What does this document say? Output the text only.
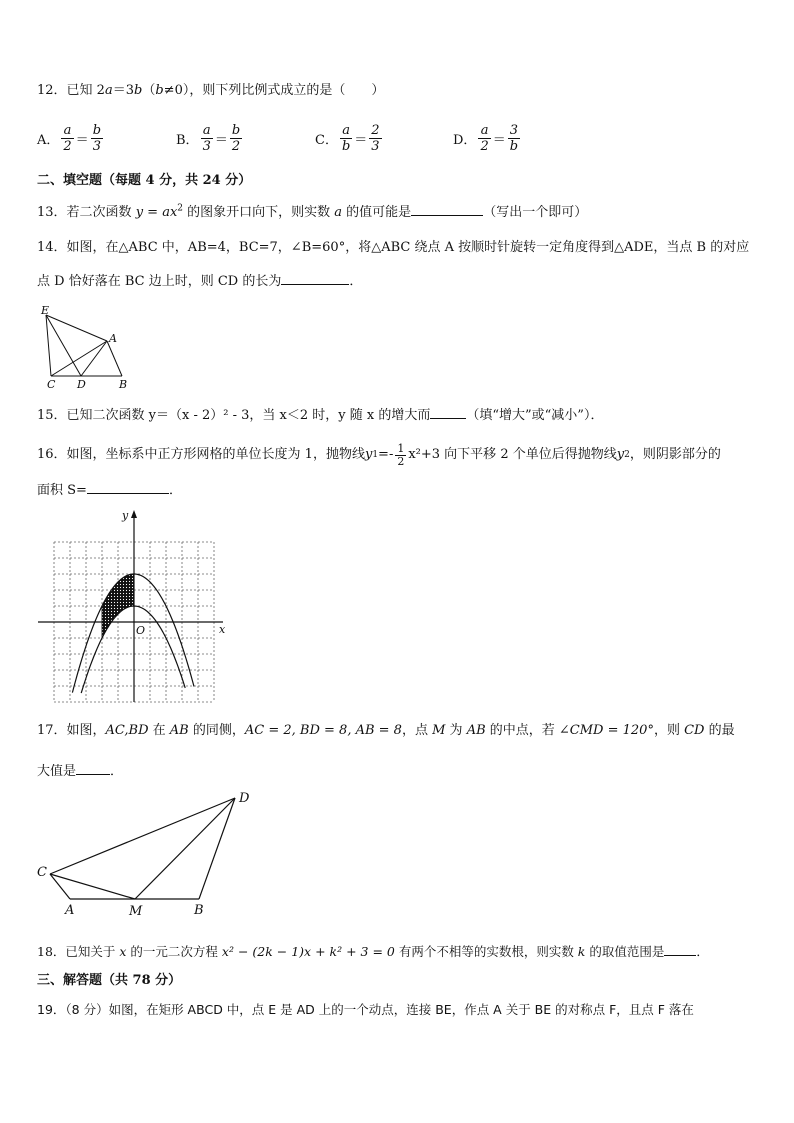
12．已知 2a＝3b（b≠0），则下列比例式成立的是（　　）
A． $\frac{a}{2} = \frac{b}{3}$	B． $\frac{a}{3} = \frac{b}{2}$	C． $\frac{a}{b} = \frac{2}{3}$	D． $\frac{a}{2} = \frac{3}{b}$
二、填空题（每题 4 分，共 24 分）
13．若二次函数 $y = ax^2$ 的图象开口向下，则实数 a 的值可能是	（写出一个即可）
14．如图，在△ABC 中，AB=4，BC=7，∠B=60°，将△ABC 绕点 A 按顺时针旋转一定角度得到△ADE，当点 B 的对应
点 D 恰好落在 BC 边上时，则 CD 的长为	．
E
A
C D	B
15．已知二次函数 y＝（x - 2）² - 3，当 x＜2 时，y 随 x 的增大而	（填“增大”或“减小”）．
16．如图，坐标系中正方形网格的单位长度为 1，抛物线 y $1 =- \frac{1}{2} x^2+3$ 向下平移 2 个单位后得抛物线 y 2 ，则阴影部分的
面积 S=	．
y
x
O
17．如图，AC,BD 在 AB 的同侧，AC = 2, BD = 8, AB = 8，点 M 为 AB 的中点，若 ∠CMD = 120°，则 CD 的最
大值是	．
D
C
A	M	B
18．已知关于 x 的一元二次方程 x² − (2k − 1)x + k² + 3 = 0 有两个不相等的实数根，则实数 k 的取值范围是	．
三、解答题（共 78 分）
19．（8 分）如图，在矩形 ABCD 中，点 E 是 AD 上的一个动点，连接 BE，作点 A 关于 BE 的对称点 F，且点 F 落在
